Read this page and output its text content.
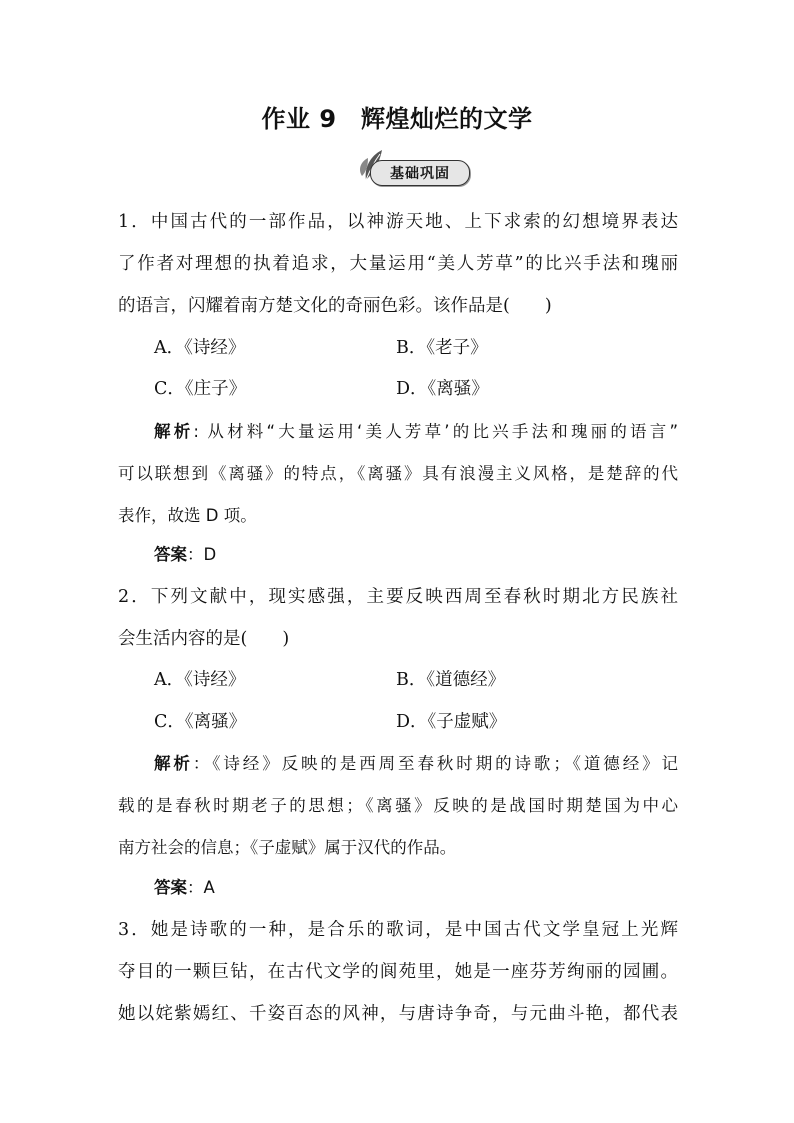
作业 9　辉煌灿烂的文学
基础巩固
1．中国古代的一部作品，以神游天地、上下求索的幻想境界表达
了作者对理想的执着追求，大量运用“美人芳草”的比兴手法和瑰丽
的语言，闪耀着南方楚文化的奇丽色彩。该作品是(　　)
A．《诗经》	B．《老子》
C．《庄子》	D．《离骚》
解析: 从材料“大量运用‘美人芳草’的比兴手法和瑰丽的语言”
可以联想到《离骚》的特点，《离骚》具有浪漫主义风格，是楚辞的代
表作，故选 D 项。
答案：D
2．下列文献中，现实感强，主要反映西周至春秋时期北方民族社
会生活内容的是(　　)
A．《诗经》	B．《道德经》
C．《离骚》	D．《子虚赋》
解析：《诗经》反映的是西周至春秋时期的诗歌；《道德经》记
载的是春秋时期老子的思想；《离骚》反映的是战国时期楚国为中心
南方社会的信息；《子虚赋》属于汉代的作品。
答案：A
3．她是诗歌的一种，是合乐的歌词，是中国古代文学皇冠上光辉
夺目的一颗巨钻，在古代文学的阆苑里，她是一座芬芳绚丽的园圃。
她以姹紫嫣红、千姿百态的风神，与唐诗争奇，与元曲斗艳，都代表
